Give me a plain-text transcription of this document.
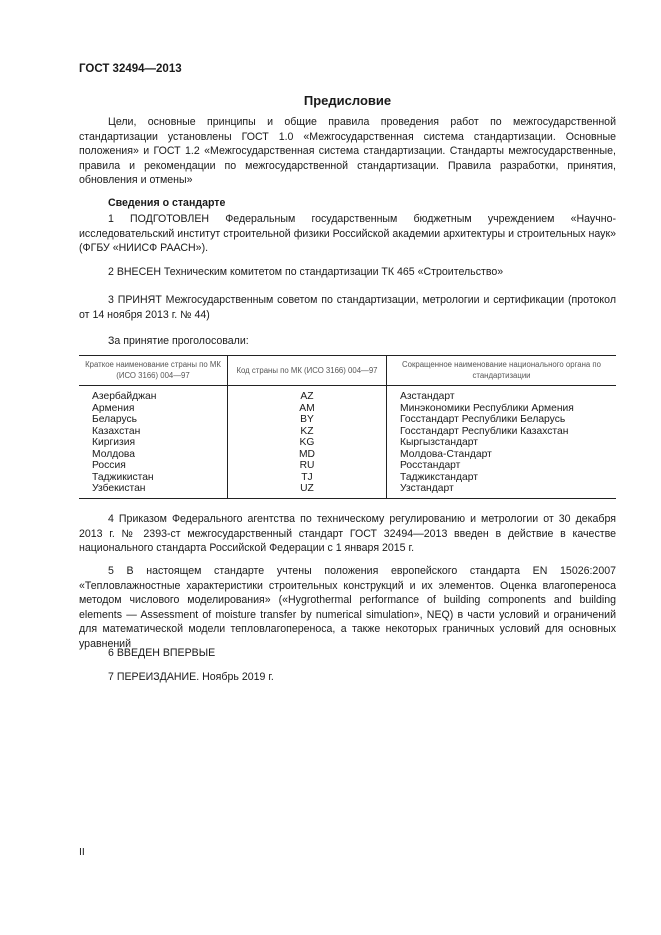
ГОСТ 32494—2013
Предисловие
Цели, основные принципы и общие правила проведения работ по межгосударственной стандартизации установлены ГОСТ 1.0 «Межгосударственная система стандартизации. Основные положения» и ГОСТ 1.2 «Межгосударственная система стандартизации. Стандарты межгосударственные, правила и рекомендации по межгосударственной стандартизации. Правила разработки, принятия, обновления и отмены»
Сведения о стандарте
1 ПОДГОТОВЛЕН Федеральным государственным бюджетным учреждением «Научно-исследовательский институт строительной физики Российской академии архитектуры и строительных наук» (ФГБУ «НИИСФ РААСН»).
2 ВНЕСЕН Техническим комитетом по стандартизации ТК 465 «Строительство»
3 ПРИНЯТ Межгосударственным советом по стандартизации, метрологии и сертификации (протокол от 14 ноября 2013 г. № 44)
За принятие проголосовали:
Краткое наименование страны по МК (ИСО 3166) 004—97	Код страны по МК (ИСО 3166) 004—97	Сокращенное наименование национального органа по стандартизации
Азербайджан	AZ	Азстандарт
Армения	AM	Минэкономики Республики Армения
Беларусь	BY	Госстандарт Республики Беларусь
Казахстан	KZ	Госстандарт Республики Казахстан
Киргизия	KG	Кыргызстандарт
Молдова	MD	Молдова-Стандарт
Россия	RU	Росстандарт
Таджикистан	TJ	Таджикстандарт
Узбекистан	UZ	Узстандарт
4 Приказом Федерального агентства по техническому регулированию и метрологии от 30 декабря 2013 г. № 2393-ст межгосударственный стандарт ГОСТ 32494—2013 введен в действие в качестве национального стандарта Российской Федерации с 1 января 2015 г.
5 В настоящем стандарте учтены положения европейского стандарта EN 15026:2007 «Тепловлажностные характеристики строительных конструкций и их элементов. Оценка влагопереноса методом числового моделирования» («Hygrothermal performance of building components and building elements — Assessment of moisture transfer by numerical simulation», NEQ) в части условий и ограничений для математической модели тепловлагопереноса, а также некоторых граничных условий для основных уравнений
6 ВВЕДЕН ВПЕРВЫЕ
7 ПЕРЕИЗДАНИЕ. Ноябрь 2019 г.
II
